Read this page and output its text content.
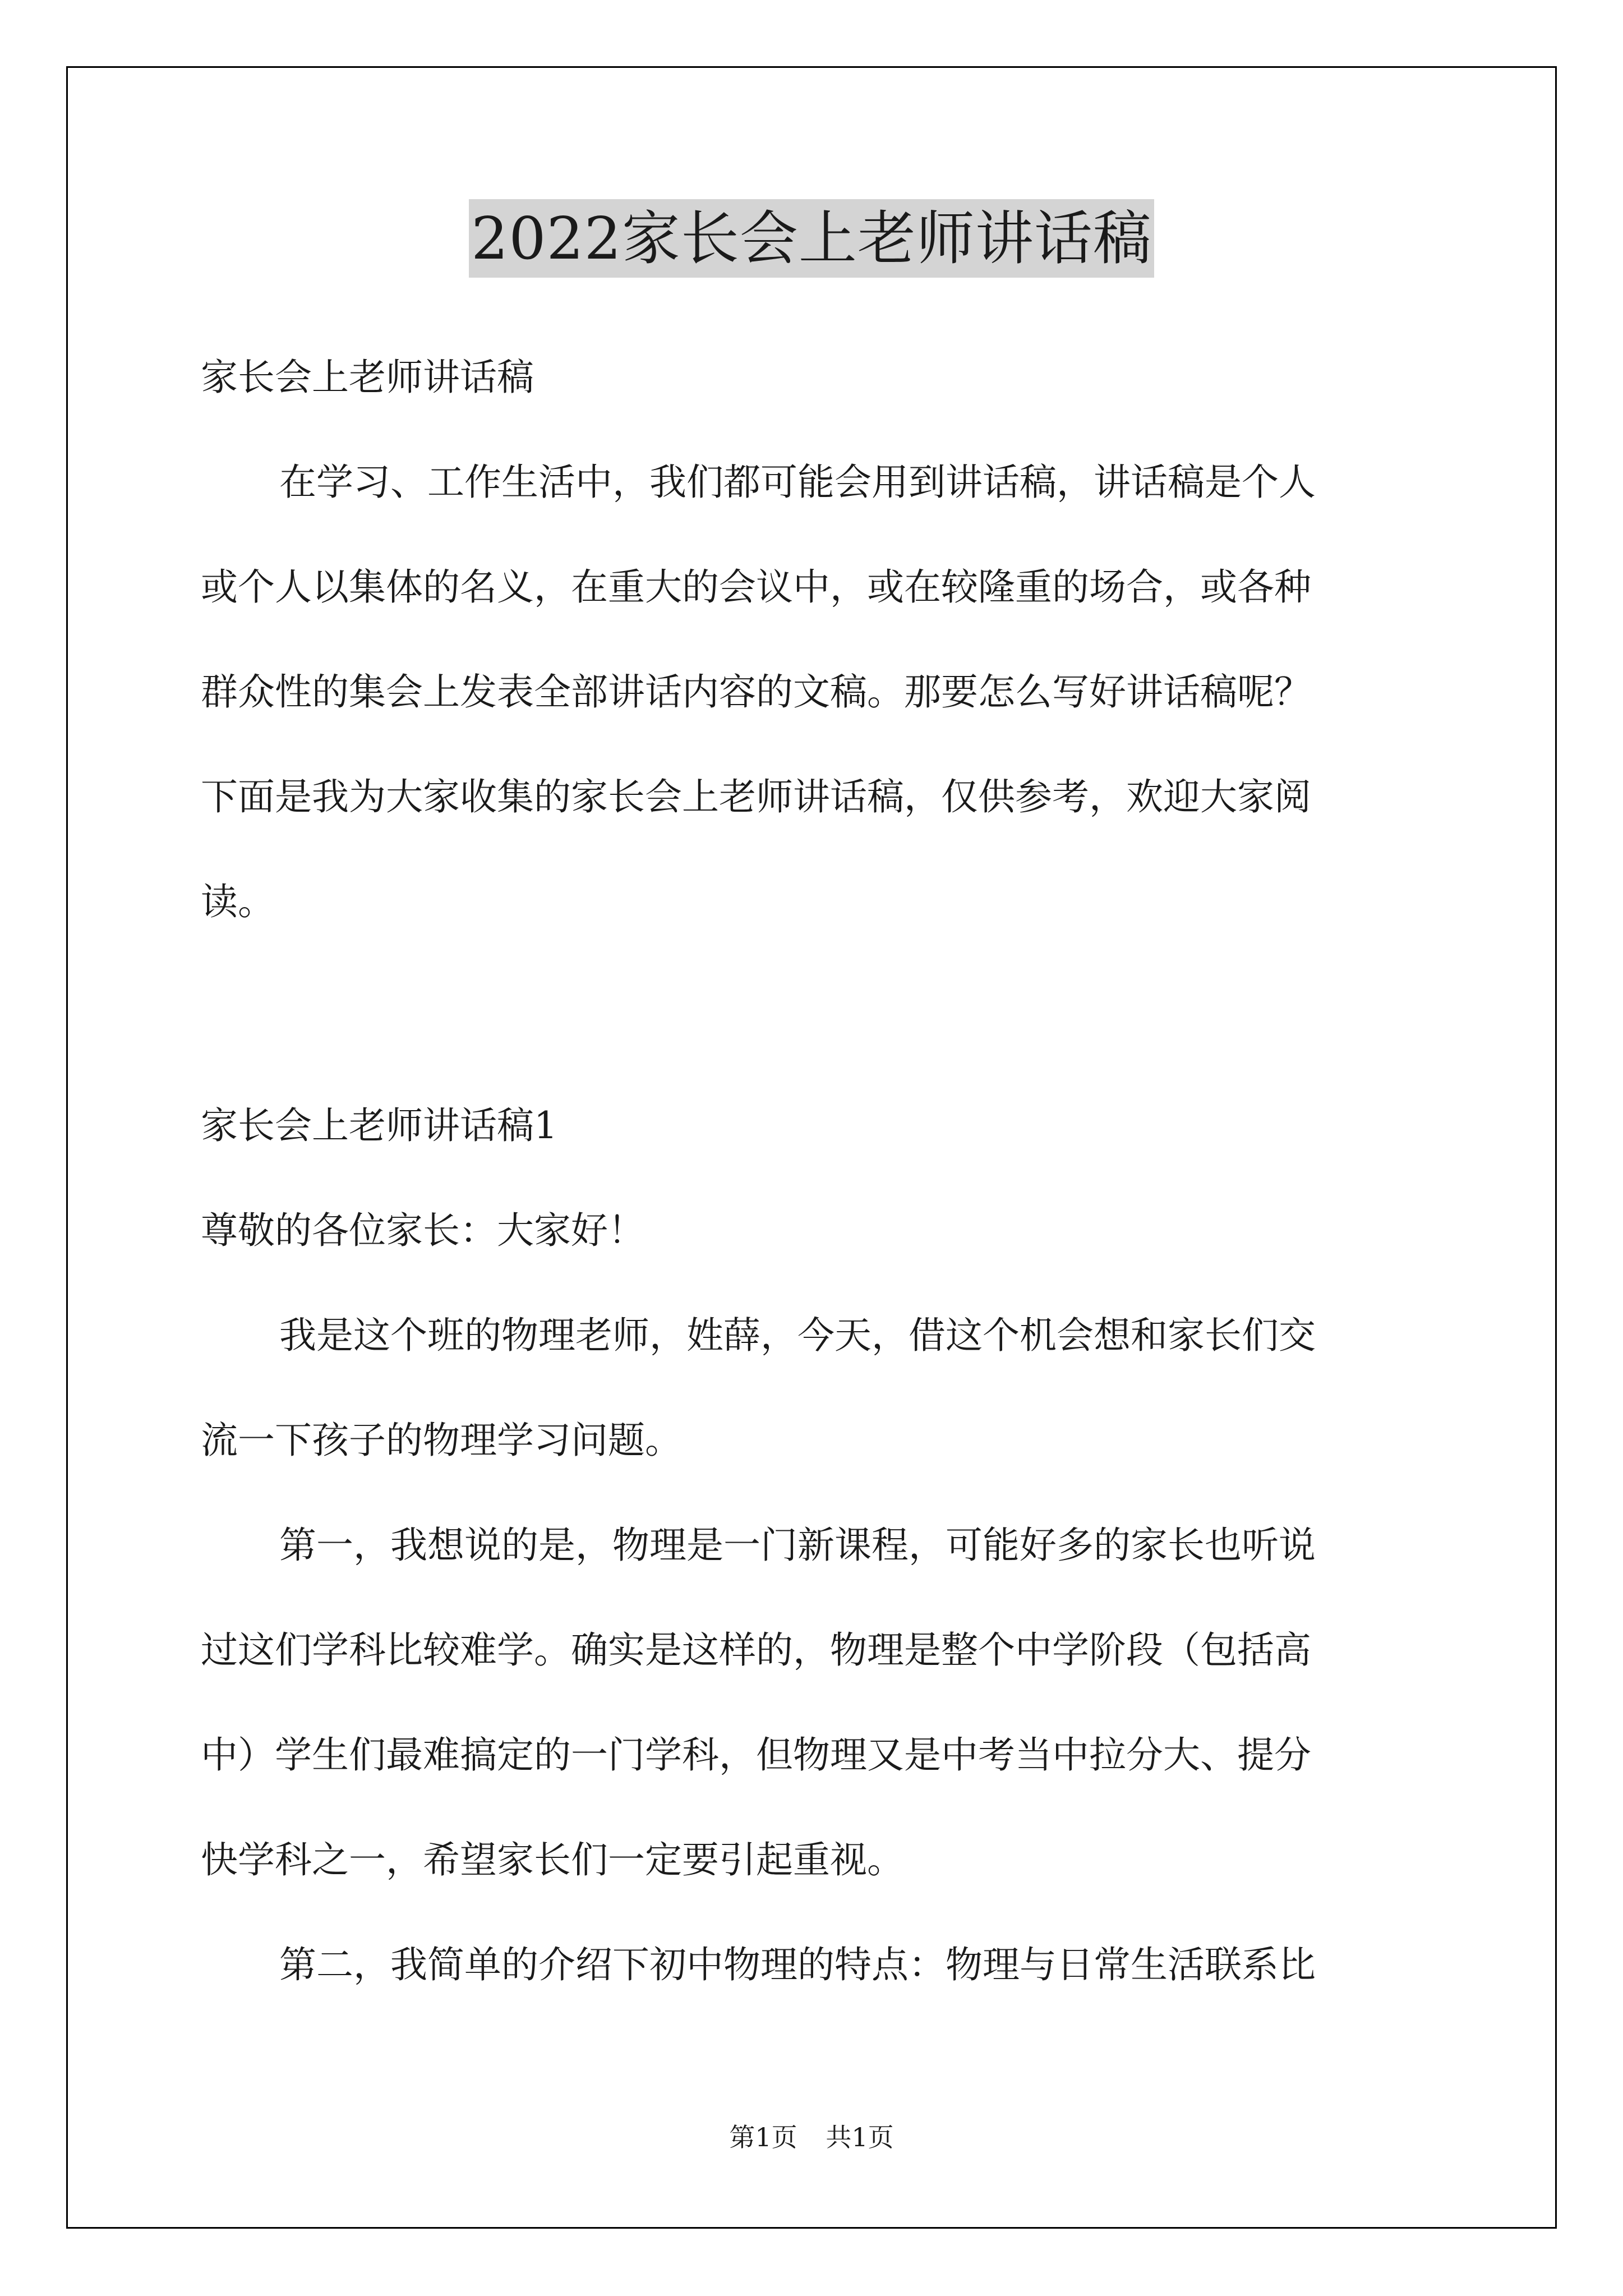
2022家长会上老师讲话稿
家长会上老师讲话稿
在学习、工作生活中，我们都可能会用到讲话稿，讲话稿是个人
或个人以集体的名义，在重大的会议中，或在较隆重的场合，或各种
群众性的集会上发表全部讲话内容的文稿。那要怎么写好讲话稿呢？
下面是我为大家收集的家长会上老师讲话稿，仅供参考，欢迎大家阅
读。
家长会上老师讲话稿1
尊敬的各位家长：大家好！
我是这个班的物理老师，姓薛，今天，借这个机会想和家长们交
流一下孩子的物理学习问题。
第一，我想说的是，物理是一门新课程，可能好多的家长也听说
过这们学科比较难学。确实是这样的，物理是整个中学阶段（包括高
中）学生们最难搞定的一门学科，但物理又是中考当中拉分大、提分
快学科之一，希望家长们一定要引起重视。
第二，我简单的介绍下初中物理的特点：物理与日常生活联系比
第1页 共1页
